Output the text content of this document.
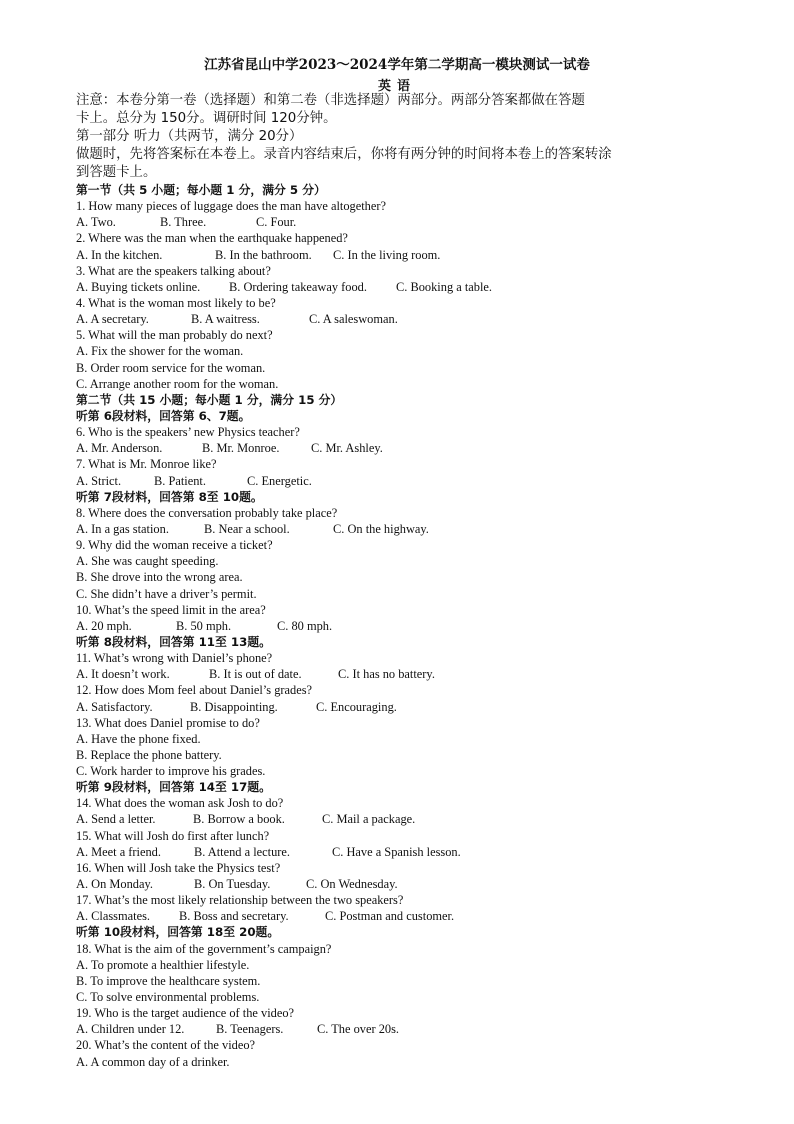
江苏省昆山中学2023～2024学年第二学期高一模块测试一试卷
英语
注意：本卷分第一卷（选择题）和第二卷（非选择题）两部分。两部分答案都做在答题
卡上。总分为 150分。调研时间 120分钟。
第一部分 听力（共两节，满分 20分）
做题时，先将答案标在本卷上。录音内容结束后，你将有两分钟的时间将本卷上的答案转涂
到答题卡上。
第一节（共 5 小题；每小题 1 分，满分 5 分）
1. How many pieces of luggage does the man have altogether?
A. Two.	B. Three.	C. Four.
2. Where was the man when the earthquake happened?
A. In the kitchen.	B. In the bathroom. C. In the living room.
3. What are the speakers talking about?
A. Buying tickets online. B. Ordering takeaway food. C. Booking a table.
4. What is the woman most likely to be?
A. A secretary.	B. A waitress.	C. A saleswoman.
5. What will the man probably do next?
A. Fix the shower for the woman.
B. Order room service for the woman.
C. Arrange another room for the woman.
第二节（共 15 小题；每小题 1 分，满分 15 分）
听第 6段材料，回答第 6、7题。
6. Who is the speakers’ new Physics teacher?
A. Mr. Anderson.	B. Mr. Monroe.	C. Mr. Ashley.
7. What is Mr. Monroe like?
A. Strict.	B. Patient.	C. Energetic.
听第 7段材料，回答第 8至 10题。
8. Where does the conversation probably take place?
A. In a gas station.	B. Near a school.	C. On the highway.
9. Why did the woman receive a ticket?
A. She was caught speeding.
B. She drove into the wrong area.
C. She didn’t have a driver’s permit.
10. What’s the speed limit in the area?
A. 20 mph.	B. 50 mph.	C. 80 mph.
听第 8段材料，回答第 11至 13题。
11. What’s wrong with Daniel’s phone?
A. It doesn’t work.	B. It is out of date.	C. It has no battery.
12. How does Mom feel about Daniel’s grades?
A. Satisfactory.	B. Disappointing.	C. Encouraging.
13. What does Daniel promise to do?
A. Have the phone fixed.
B. Replace the phone battery.
C. Work harder to improve his grades.
听第 9段材料，回答第 14至 17题。
14. What does the woman ask Josh to do?
A. Send a letter.	B. Borrow a book.	C. Mail a package.
15. What will Josh do first after lunch?
A. Meet a friend.	B. Attend a lecture.	C. Have a Spanish lesson.
16. When will Josh take the Physics test?
A. On Monday.	B. On Tuesday.	C. On Wednesday.
17. What’s the most likely relationship between the two speakers?
A. Classmates. B. Boss and secretary.	C. Postman and customer.
听第 10段材料，回答第 18至 20题。
18. What is the aim of the government’s campaign?
A. To promote a healthier lifestyle.
B. To improve the healthcare system.
C. To solve environmental problems.
19. Who is the target audience of the video?
A. Children under 12.	B. Teenagers.	C. The over 20s.
20. What’s the content of the video?
A. A common day of a drinker.
